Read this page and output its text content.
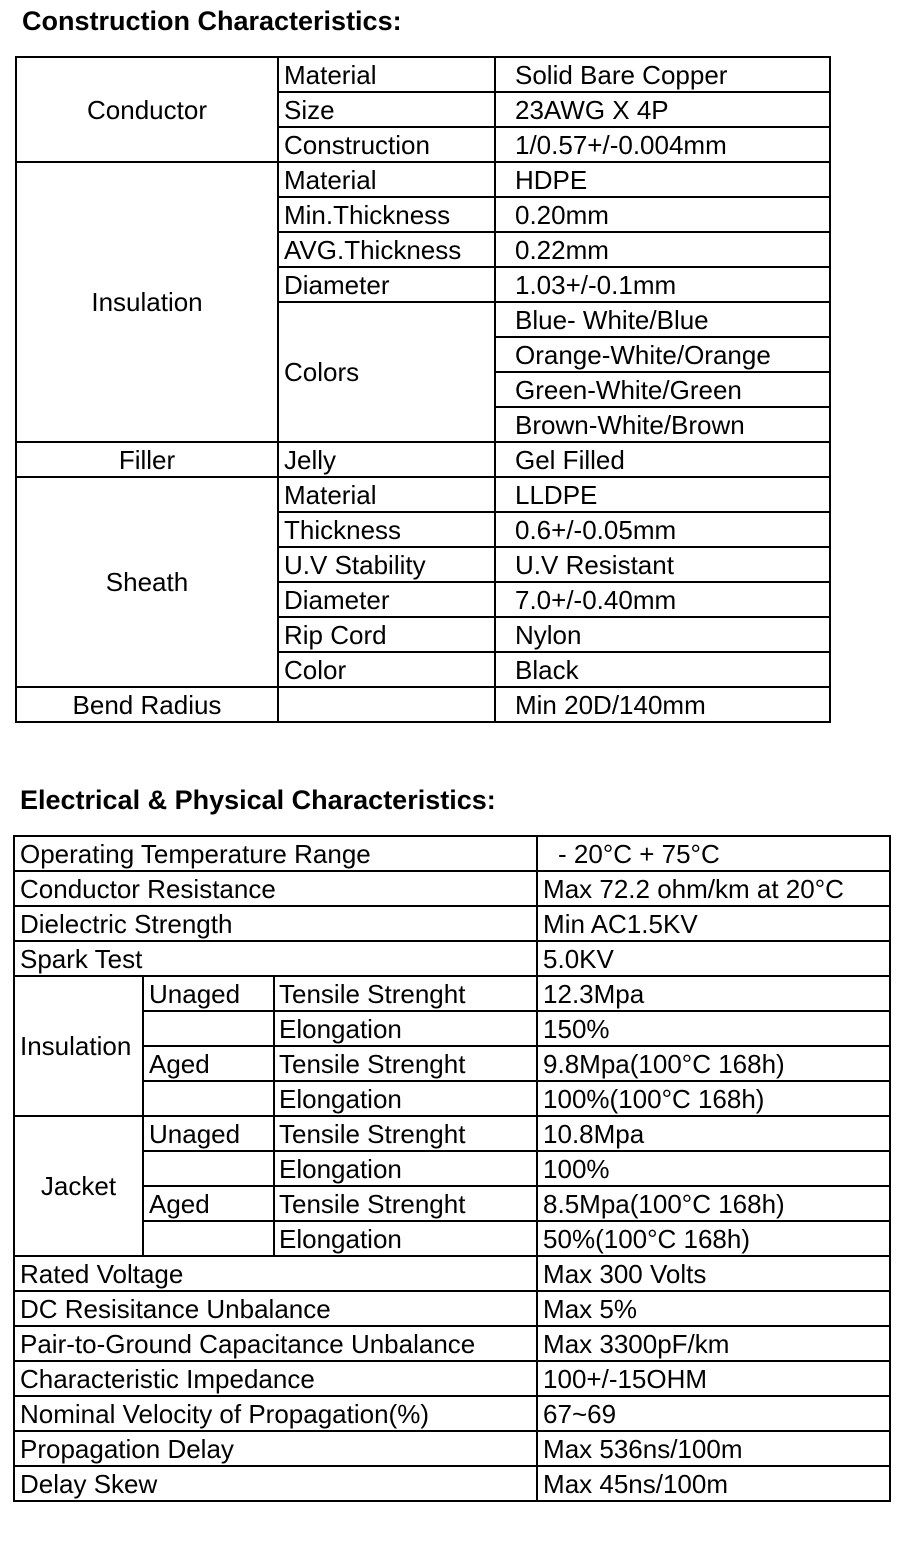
Construction Characteristics:
Conductor	Material	Solid Bare Copper
	Size	23AWG X 4P
	Construction	1/0.57+/-0.004mm
Insulation	Material	HDPE
	Min.Thickness	0.20mm
	AVG.Thickness	0.22mm
	Diameter	1.03+/-0.1mm
	Colors	Blue- White/Blue
		Orange-White/Orange
		Green-White/Green
		Brown-White/Brown
Filler	Jelly	Gel Filled
Sheath	Material	LLDPE
	Thickness	0.6+/-0.05mm
	U.V Stability	U.V Resistant
	Diameter	7.0+/-0.40mm
	Rip Cord	Nylon
	Color	Black
Bend Radius		Min 20D/140mm
Electrical & Physical Characteristics:
Operating Temperature Range			- 20°C + 75°C
Conductor Resistance			Max 72.2 ohm/km at 20°C
Dielectric Strength			Min AC1.5KV
Spark Test			5.0KV
Insulation	Unaged	Tensile Strenght	12.3Mpa
		Elongation	150%
	Aged	Tensile Strenght	9.8Mpa(100°C 168h)
		Elongation	100%(100°C 168h)
Jacket	Unaged	Tensile Strenght	10.8Mpa
		Elongation	100%
	Aged	Tensile Strenght	8.5Mpa(100°C 168h)
		Elongation	50%(100°C 168h)
Rated Voltage			Max 300 Volts
DC Resisitance Unbalance			Max 5%
Pair-to-Ground Capacitance Unbalance			Max 3300pF/km
Characteristic Impedance			100+/-15OHM
Nominal Velocity of Propagation(%)			67~69
Propagation Delay			Max 536ns/100m
Delay Skew			Max 45ns/100m
